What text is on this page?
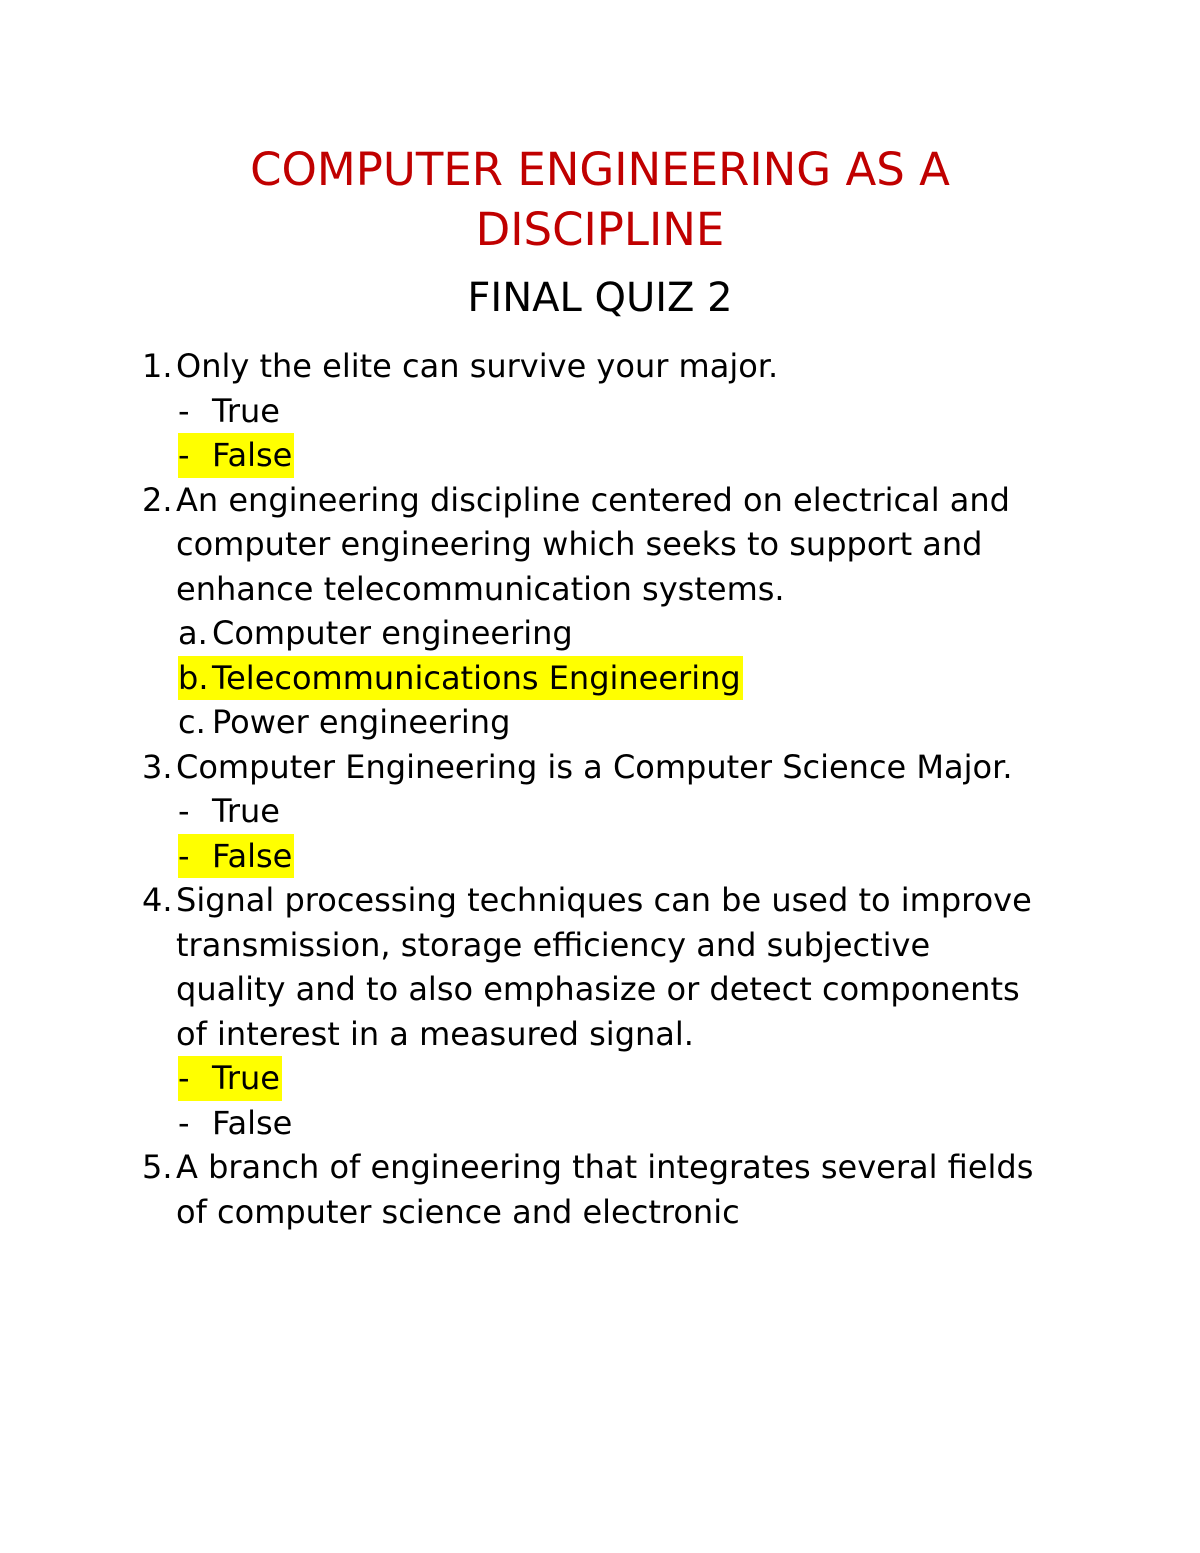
COMPUTER ENGINEERING AS A
DISCIPLINE
FINAL QUIZ 2
1. Only the elite can survive your major.
- True
- False
2. An engineering discipline centered on electrical and computer engineering which seeks to support and enhance telecommunication systems.
a. Computer engineering
b. Telecommunications Engineering
c. Power engineering
3. Computer Engineering is a Computer Science Major.
- True
- False
4. Signal processing techniques can be used to improve transmission, storage efficiency and subjective quality and to also emphasize or detect components of interest in a measured signal.
- True
- False
5. A branch of engineering that integrates several fields of computer science and electronic
